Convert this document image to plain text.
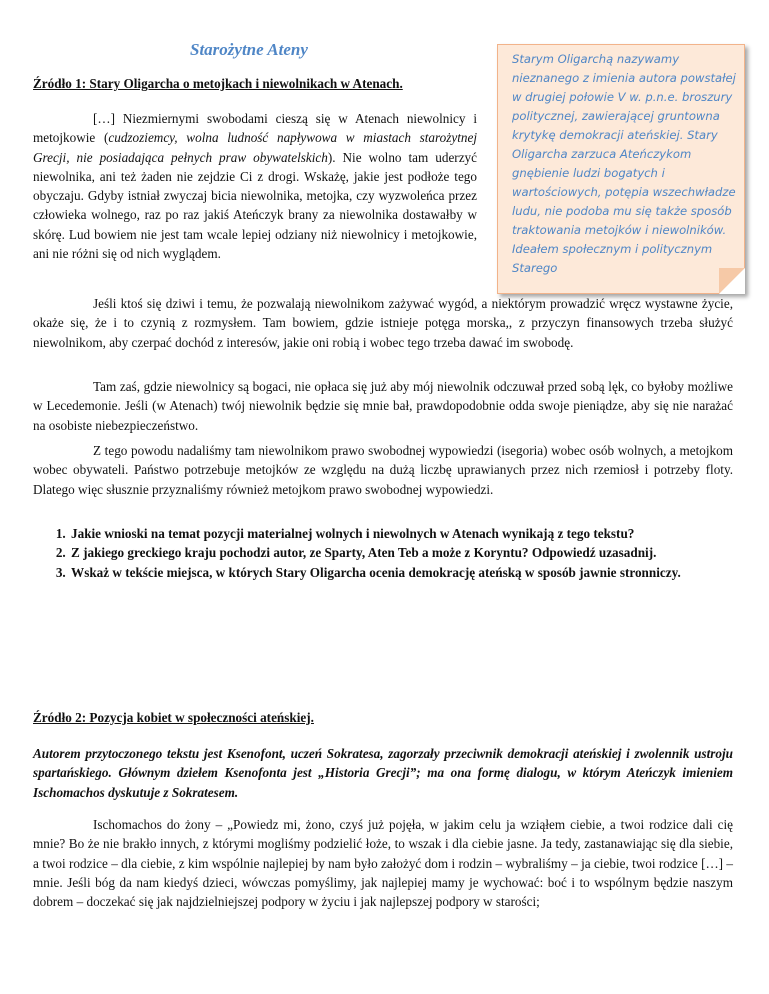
Starożytne Ateny
Źródło 1: Stary Oligarcha o metojkach i niewolnikach w Atenach.
[…] Niezmiernymi swobodami cieszą się w Atenach niewolnicy i metojkowie (cudzoziemcy, wolna ludność napływowa w miastach starożytnej Grecji, nie posiadająca pełnych praw obywatelskich). Nie wolno tam uderzyć niewolnika, ani też żaden nie zejdzie Ci z drogi. Wskażę, jakie jest podłoże tego obyczaju. Gdyby istniał zwyczaj bicia niewolnika, metojka, czy wyzwoleńca przez człowieka wolnego, raz po raz jakiś Ateńczyk brany za niewolnika dostawałby w skórę. Lud bowiem nie jest tam wcale lepiej odziany niż niewolnicy i metojkowie, ani nie różni się od nich wyglądem.
Starym Oligarchą nazywamy nieznanego z imienia autora powstałej w drugiej połowie V w. p.n.e. broszury politycznej, zawierającej gruntowna krytykę demokracji ateńskiej. Stary Oligarcha zarzuca Ateńczykom gnębienie ludzi bogatych i wartościowych, potępia wszechwładze ludu, nie podoba mu się także sposób traktowania metojków i niewolników. Ideałem społecznym i politycznym Starego
Jeśli ktoś się dziwi i temu, że pozwalają niewolnikom zażywać wygód, a niektórym prowadzić wręcz wystawne życie, okaże się, że i to czynią z rozmysłem. Tam bowiem, gdzie istnieje potęga morska,, z przyczyn finansowych trzeba służyć niewolnikom, aby czerpać dochód z interesów, jakie oni robią i wobec tego trzeba dawać im swobodę.
Tam zaś, gdzie niewolnicy są bogaci, nie opłaca się już aby mój niewolnik odczuwał przed sobą lęk, co byłoby możliwe w Lecedemonie. Jeśli (w Atenach) twój niewolnik będzie się mnie bał, prawdopodobnie odda swoje pieniądze, aby się nie narażać na osobiste niebezpieczeństwo.
Z tego powodu nadaliśmy tam niewolnikom prawo swobodnej wypowiedzi (isegoria) wobec osób wolnych, a metojkom wobec obywateli. Państwo potrzebuje metojków ze względu na dużą liczbę uprawianych przez nich rzemiosł i potrzeby floty. Dlatego więc słusznie przyznaliśmy również metojkom prawo swobodnej wypowiedzi.
1. Jakie wnioski na temat pozycji materialnej wolnych i niewolnych w Atenach wynikają z tego tekstu?
2. Z jakiego greckiego kraju pochodzi autor, ze Sparty, Aten Teb a może z Koryntu? Odpowiedź uzasadnij.
3. Wskaż w tekście miejsca, w których Stary Oligarcha ocenia demokrację ateńską w sposób jawnie stronniczy.
Źródło 2: Pozycja kobiet w społeczności ateńskiej.
Autorem przytoczonego tekstu jest Ksenofont, uczeń Sokratesa, zagorzały przeciwnik demokracji ateńskiej i zwolennik ustroju spartańskiego. Głównym dziełem Ksenofonta jest „Historia Grecji”; ma ona formę dialogu, w którym Ateńczyk imieniem Ischomachos dyskutuje z Sokratesem.
Ischomachos do żony – „Powiedz mi, żono, czyś już pojęła, w jakim celu ja wziąłem ciebie, a twoi rodzice dali cię mnie? Bo że nie brakło innych, z którymi mogliśmy podzielić łoże, to wszak i dla ciebie jasne. Ja tedy, zastanawiając się dla siebie, a twoi rodzice – dla ciebie, z kim wspólnie najlepiej by nam było założyć dom i rodzin – wybraliśmy – ja ciebie, twoi rodzice […] – mnie. Jeśli bóg da nam kiedyś dzieci, wówczas pomyślimy, jak najlepiej mamy je wychować: boć i to wspólnym będzie naszym dobrem – doczekać się jak najdzielniejszej podpory w życiu i jak najlepszej podpory w starości;
